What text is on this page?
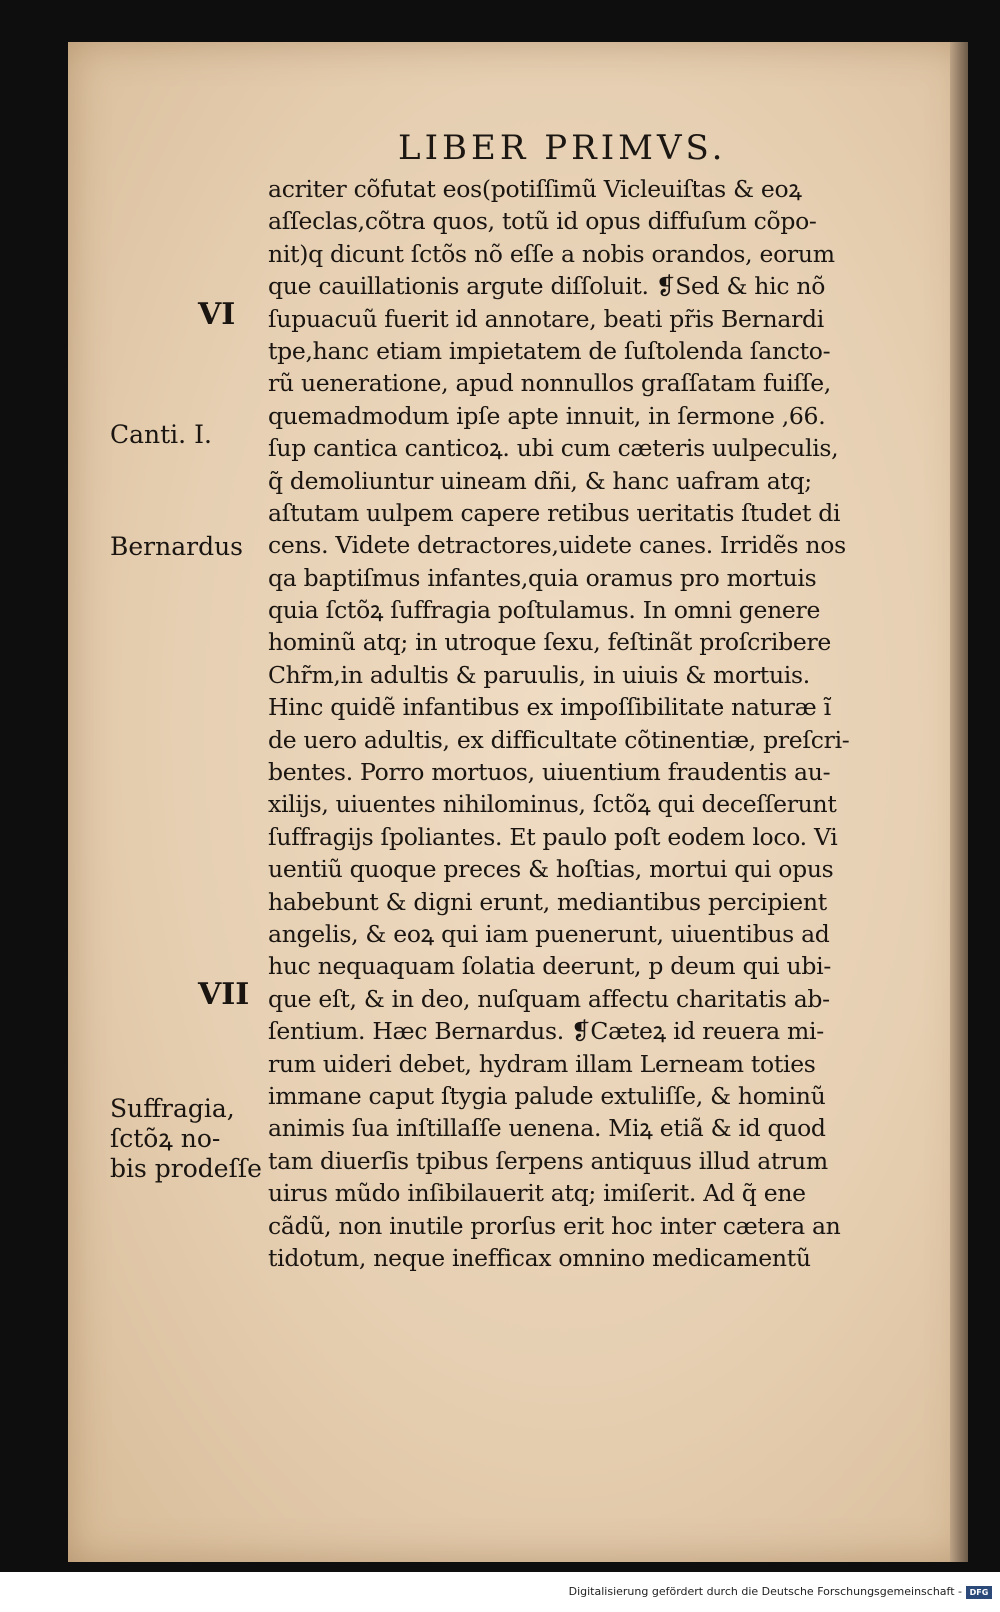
LIBER PRIMVS.
acriter cõfutat eos(potiſſimũ Vicleuiſtas & eoꝝ
aſſeclas,cõtra quos, totũ id opus diffuſum cõpo-
nit)q dicunt ſctõs nõ eſſe a nobis orandos, eorum
que cauillationis argute diſſoluit. ❡Sed & hic nõ
ſupuacuũ fuerit id annotare, beati pr̃is Bernardi
tpe,hanc etiam impietatem de ſuſtolenda ſancto-
rũ ueneratione, apud nonnullos graſſatam fuiſſe,
quemadmodum ipſe apte innuit, in ſermone ,66.
ſup cantica canticoꝝ. ubi cum cæteris uulpeculis,
q̃ demoliuntur uineam dñi, & hanc uafram atq;
aſtutam uulpem capere retibus ueritatis ſtudet di
cens. Videte detractores,uidete canes. Irridẽs nos
qa baptiſmus infantes,quia oramus pro mortuis
quia ſctõꝝ ſuffragia poſtulamus. In omni genere
hominũ atq; in utroque ſexu, feſtinãt proſcribere
Chr̃m,in adultis & paruulis, in uiuis & mortuis.
Hinc quidẽ infantibus ex impoſſibilitate naturæ ĩ
de uero adultis, ex difficultate cõtinentiæ, preſcri-
bentes. Porro mortuos, uiuentium fraudentis au-
xilijs, uiuentes nihilominus, ſctõꝝ qui deceſſerunt
ſuffragijs ſpoliantes. Et paulo poſt eodem loco. Vi
uentiũ quoque preces & hoſtias, mortui qui opus
habebunt & digni erunt, mediantibus percipient
angelis, & eoꝝ qui iam puenerunt, uiuentibus ad
huc nequaquam ſolatia deerunt, p deum qui ubi-
que eſt, & in deo, nuſquam affectu charitatis ab-
ſentium. Hæc Bernardus. ❡Cæteꝝ id reuera mi-
rum uideri debet, hydram illam Lerneam toties
immane caput ſtygia palude extuliſſe, & hominũ
animis ſua inſtillaſſe uenena. Miꝝ etiã & id quod
tam diuerſis tpibus ſerpens antiquus illud atrum
uirus mũdo inſibilauerit atq; imiſerit. Ad q̃ ene
cãdũ, non inutile prorſus erit hoc inter cætera an
tidotum, neque inefficax omnino medicamentũ
VI
Canti. I.
Bernardus
VII
Suffragia,
ſctõꝝ no-
bis prodeſſe
Digitalisierung gefördert durch die Deutsche Forschungsgemeinschaft - DFG
